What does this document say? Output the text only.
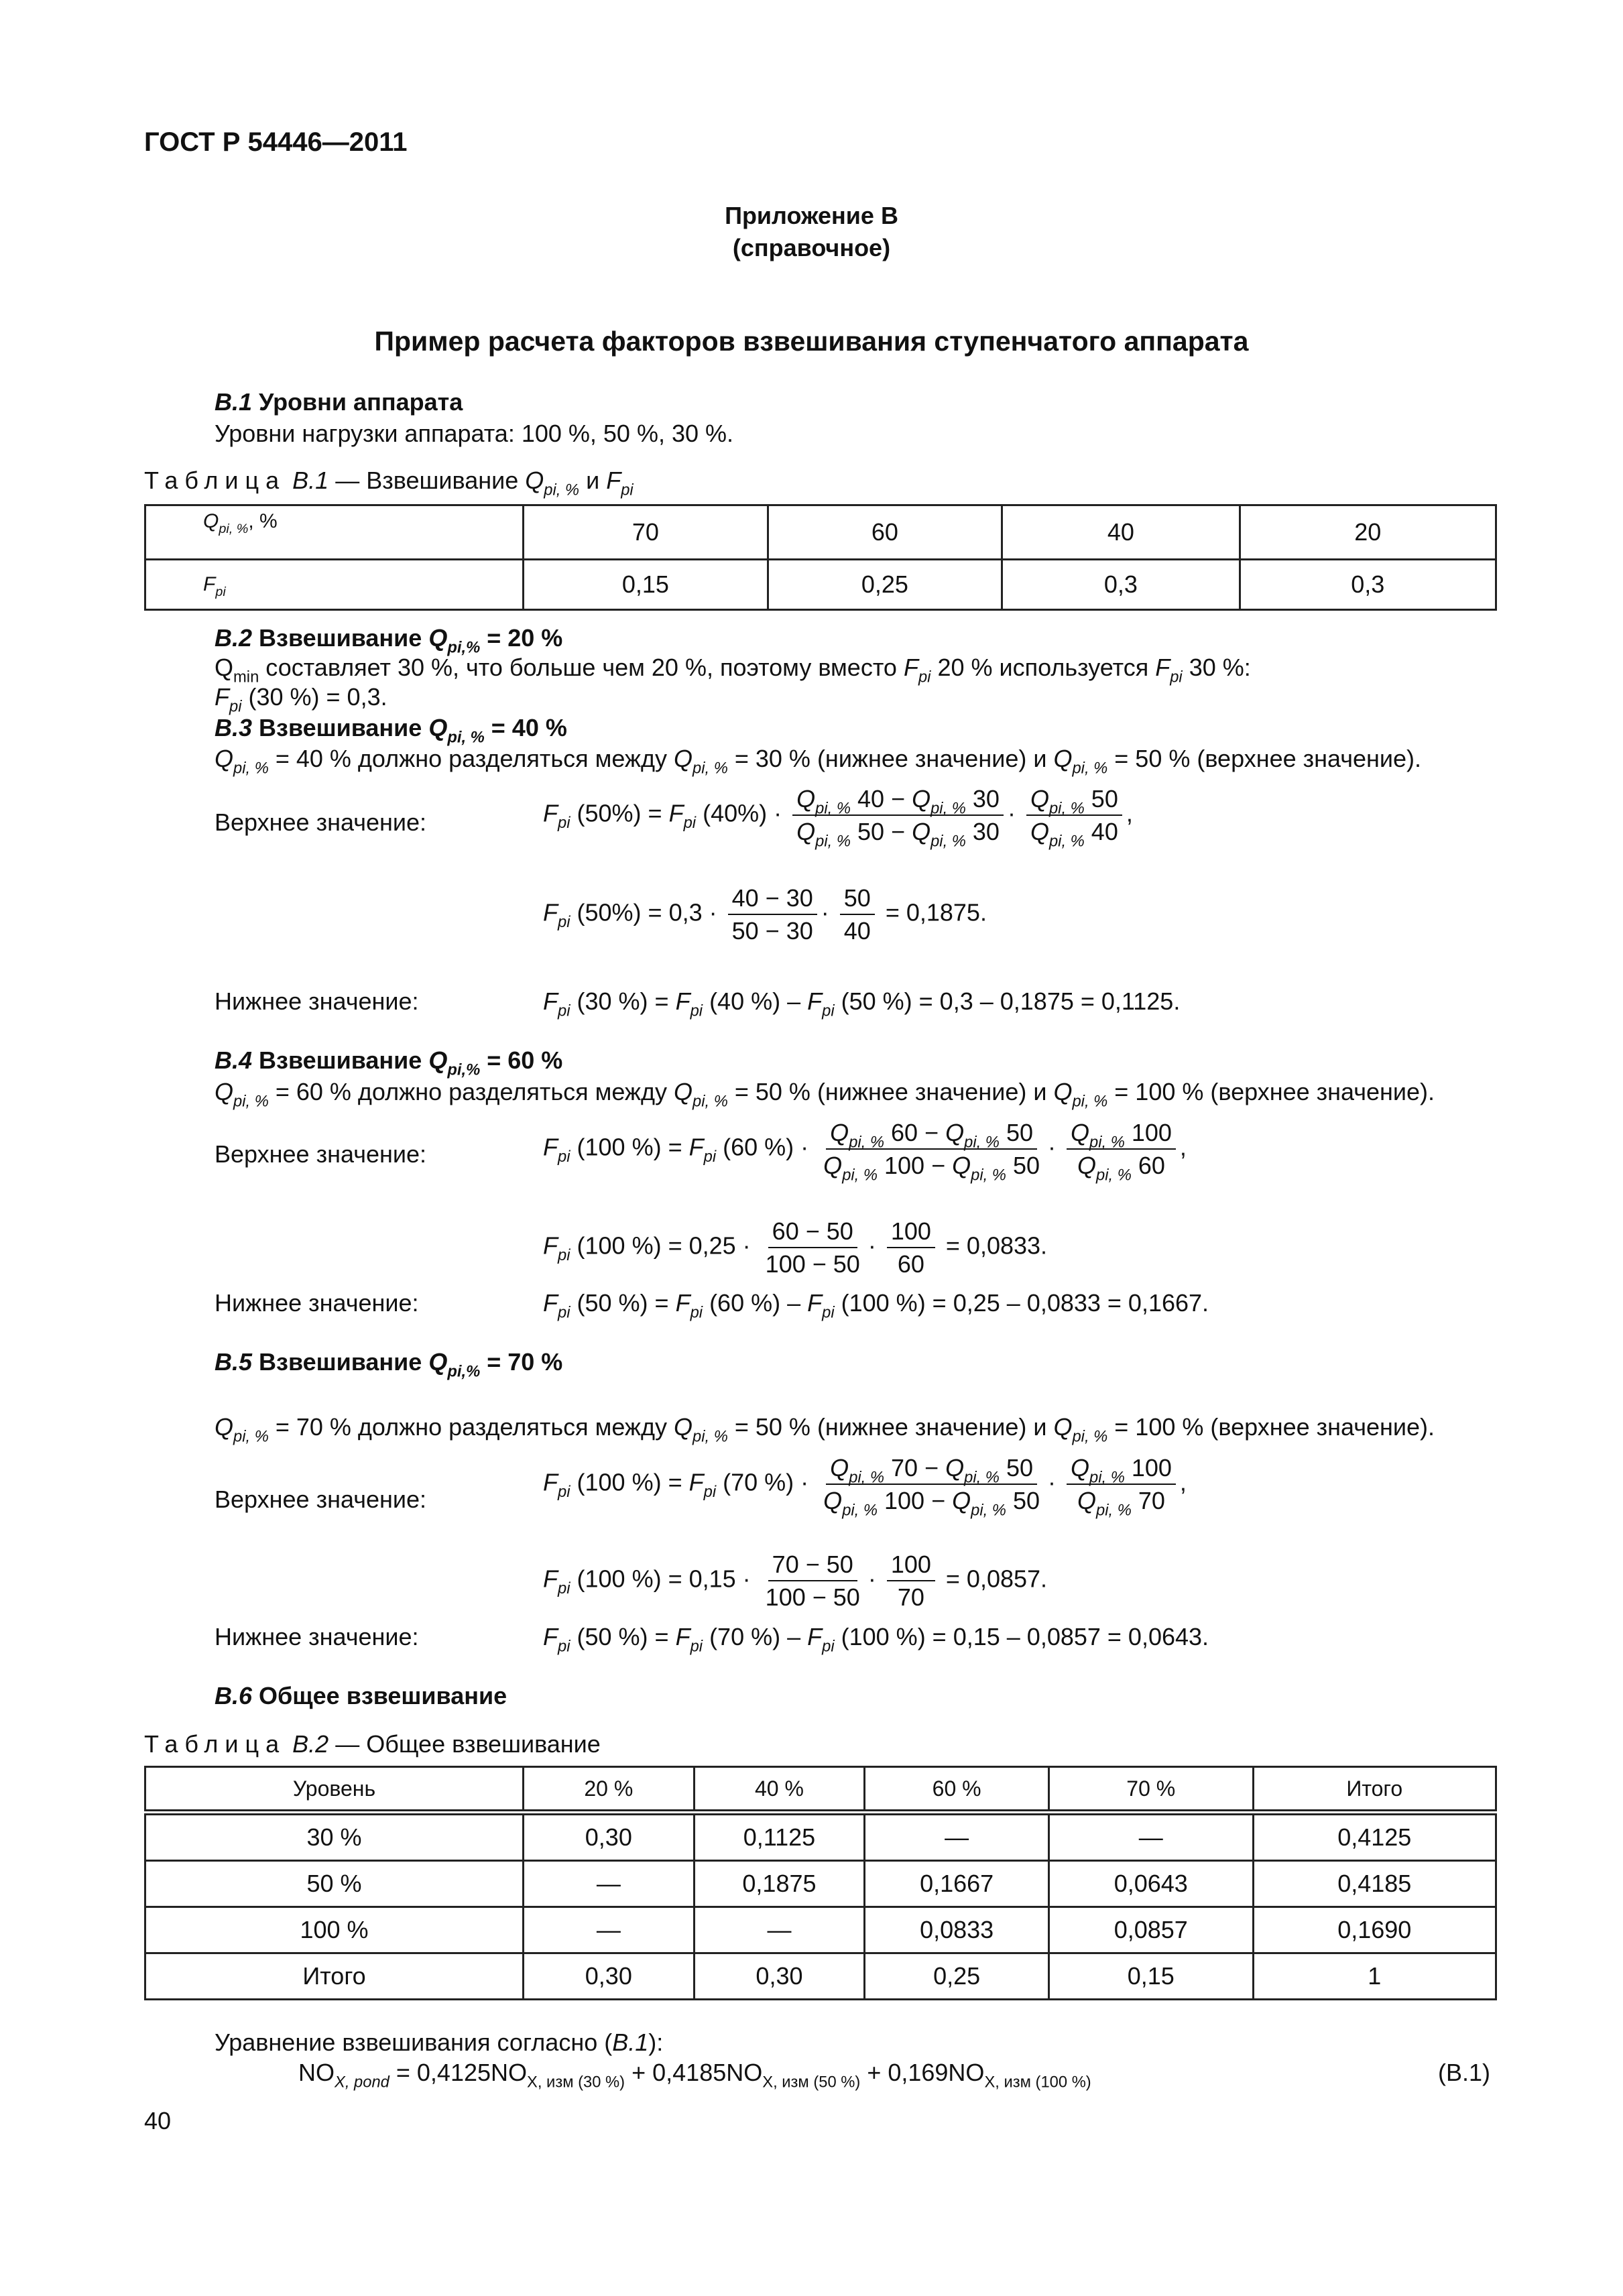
ГОСТ Р 54446—2011
Приложение В
(справочное)
Пример расчета факторов взвешивания ступенчатого аппарата
В.1 Уровни аппарата
Уровни нагрузки аппарата: 100 %, 50 %, 30 %.
Таблица В.1 — Взвешивание $Q_{pi, \%}$ и $F_{pi}$
$Q_{pi, \%}$, %	70	60	40	20
$F_{pi}$	0,15	0,25	0,3	0,3
В.2 Взвешивание $Q_{pi,\%} = 20$ %
$Q_{min}$ составляет 30 %, что больше чем 20 %, поэтому вместо $F_{pi}$ 20 % используется $F_{pi}$ 30 %:
$F_{pi}$ (30 %) = 0,3.
В.3 Взвешивание $Q_{pi, \%} = 40$ %
$Q_{pi, \%} = 40$ % должно разделяться между $Q_{pi, \%} = 30$ % (нижнее значение) и $Q_{pi, \%} = 50$ % (верхнее значение).
Верхнее значение:	$F_{pi}$ $(50\%) = F_{pi}$ $(40\%) \cdot \frac{Q_{pi, \%} 40 - Q_{pi, \%} 30}{Q_{pi, \%} 50 - Q_{pi, \%} 30} \cdot \frac{Q_{pi, \%} 50}{Q_{pi, \%} 40}$ ,
$F_{pi}$ $(50\%) = 0,3 \cdot \frac{40 - 30}{50 - 30} \cdot \frac{50}{40} = 0,1875$.
Нижнее значение:	$F_{pi}$ (30 %) = $F_{pi}$ (40 %) – $F_{pi}$ (50 %) = 0,3 – 0,1875 = 0,1125.
В.4 Взвешивание $Q_{pi,\%} = 60$ %
$Q_{pi, \%} = 60$ % должно разделяться между $Q_{pi, \%} = 50$ % (нижнее значение) и $Q_{pi, \%} = 100$ % (верхнее значение).
Верхнее значение:	$F_{pi}$ (100 %) = $F_{pi}$ (60 %) · $\frac{Q_{pi, \%} 60 - Q_{pi, \%} 50}{Q_{pi, \%} 100 - Q_{pi, \%} 50} \cdot \frac{Q_{pi, \%} 100}{Q_{pi, \%} 60}$ ,
$F_{pi}$ (100 %) = $0,25 \cdot \frac{60 - 50}{100 - 50} \cdot \frac{100}{60} = 0,0833$.
Нижнее значение:	$F_{pi}$ (50 %) = $F_{pi}$ (60 %) – $F_{pi}$ (100 %) = 0,25 – 0,0833 = 0,1667.
В.5 Взвешивание $Q_{pi,\%} = 70$ %
$Q_{pi, \%} = 70$ % должно разделяться между $Q_{pi, \%} = 50$ % (нижнее значение) и $Q_{pi, \%} = 100$ % (верхнее значение).
Верхнее значение:
$F_{pi}$ (100 %) = $F_{pi}$ (70 %) · $\frac{Q_{pi, \%} 70 - Q_{pi, \%} 50}{Q_{pi, \%} 100 - Q_{pi, \%} 50} \cdot \frac{Q_{pi, \%} 100}{Q_{pi, \%} 70}$ ,
$F_{pi}$ (100 %) = $0,15 \cdot \frac{70 - 50}{100 - 50} \cdot \frac{100}{70} = 0,0857$.
Нижнее значение:	$F_{pi}$ (50 %) = $F_{pi}$ (70 %) – $F_{pi}$ (100 %) = 0,15 – 0,0857 = 0,0643.
В.6 Общее взвешивание
Таблица В.2 — Общее взвешивание
Уровень	20 %	40 %	60 %	70 %	Итого
30 %	0,30	0,1125	—	—	0,4125
50 %	—	0,1875	0,1667	0,0643	0,4185
100 %	—	—	0,0833	0,0857	0,1690
Итого	0,30	0,30	0,25	0,15	1
Уравнение взвешивания согласно (В.1):
$NO_{X, pond} = 0,4125NO_{X, изм (30 \%)} + 0,4185NO_{X, изм (50 \%)} + 0,169NO_{X, изм (100 \%)}$	(В.1)
40
